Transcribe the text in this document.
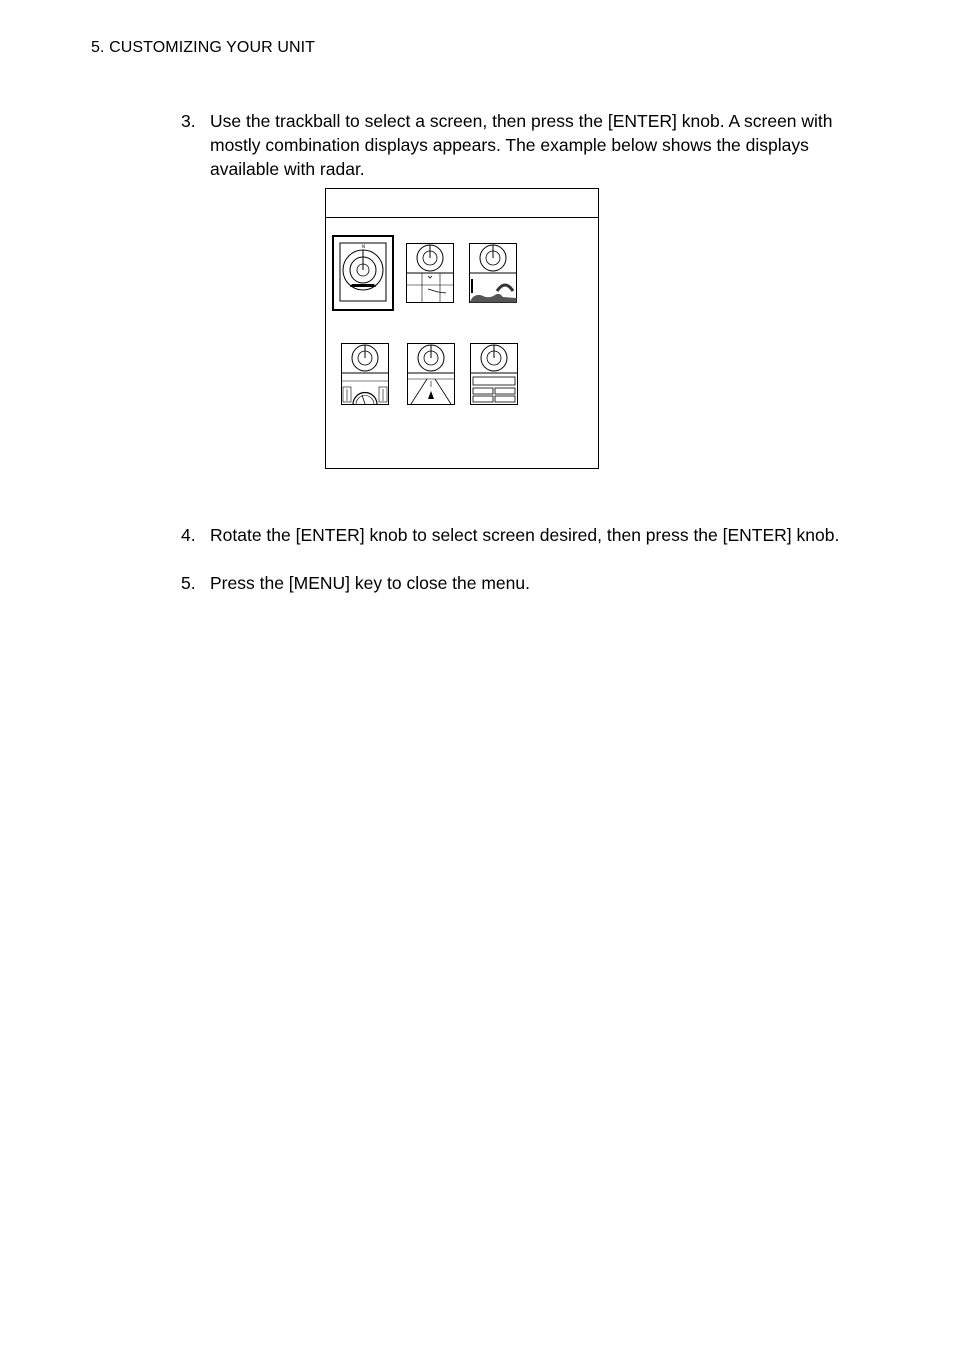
5. CUSTOMIZING YOUR UNIT
3. Use the trackball to select a screen, then press the [ENTER] knob. A screen with mostly combination displays appears. The example below shows the displays available with radar.
N
4. Rotate the [ENTER] knob to select screen desired, then press the [ENTER] knob.
5. Press the [MENU] key to close the menu.
